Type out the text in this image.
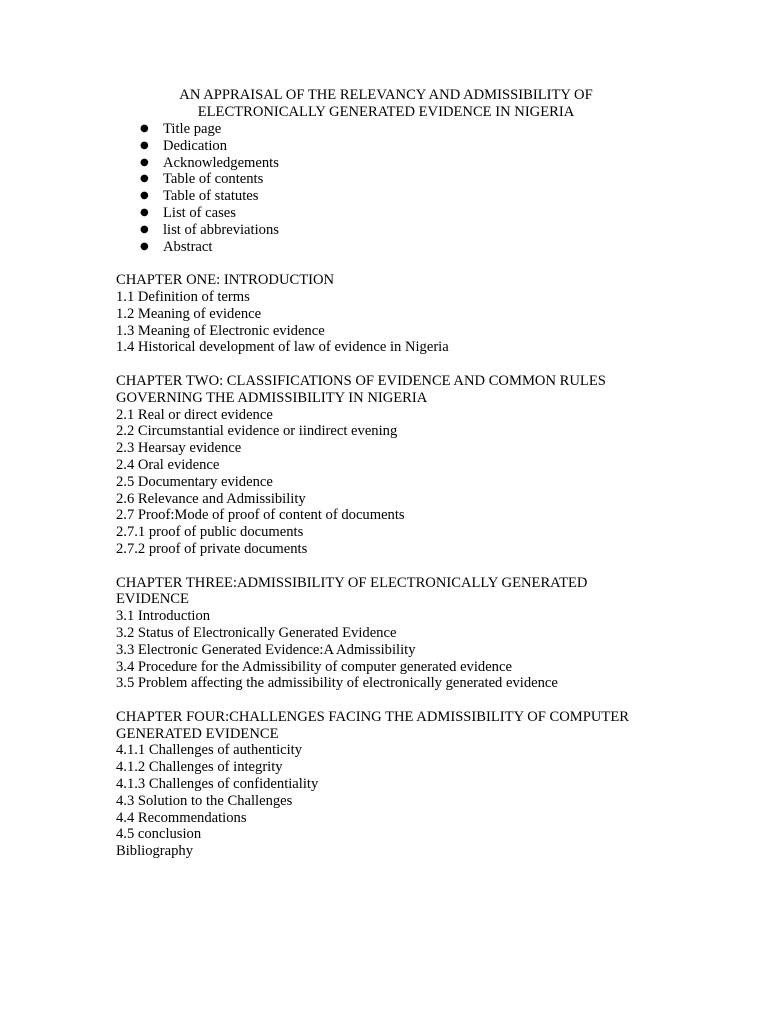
AN APPRAISAL OF THE RELEVANCY AND ADMISSIBILITY OF
ELECTRONICALLY GENERATED EVIDENCE IN NIGERIA
● Title page
● Dedication
● Acknowledgements
● Table of contents
● Table of statutes
● List of cases
● list of abbreviations
● Abstract
CHAPTER ONE: INTRODUCTION
1.1 Definition of terms
1.2 Meaning of evidence
1.3 Meaning of Electronic evidence
1.4 Historical development of law of evidence in Nigeria
CHAPTER TWO: CLASSIFICATIONS OF EVIDENCE AND COMMON RULES GOVERNING THE ADMISSIBILITY IN NIGERIA
2.1 Real or direct evidence
2.2 Circumstantial evidence or iindirect evening
2.3 Hearsay evidence
2.4 Oral evidence
2.5 Documentary evidence
2.6 Relevance and Admissibility
2.7 Proof:Mode of proof of content of documents
2.7.1 proof of public documents
2.7.2 proof of private documents
CHAPTER THREE:ADMISSIBILITY OF ELECTRONICALLY GENERATED EVIDENCE
3.1 Introduction
3.2 Status of Electronically Generated Evidence
3.3 Electronic Generated Evidence:A Admissibility
3.4 Procedure for the Admissibility of computer generated evidence
3.5 Problem affecting the admissibility of electronically generated evidence
CHAPTER FOUR:CHALLENGES FACING THE ADMISSIBILITY OF COMPUTER GENERATED EVIDENCE
4.1.1 Challenges of authenticity
4.1.2 Challenges of integrity
4.1.3 Challenges of confidentiality
4.3 Solution to the Challenges
4.4 Recommendations
4.5 conclusion
Bibliography
